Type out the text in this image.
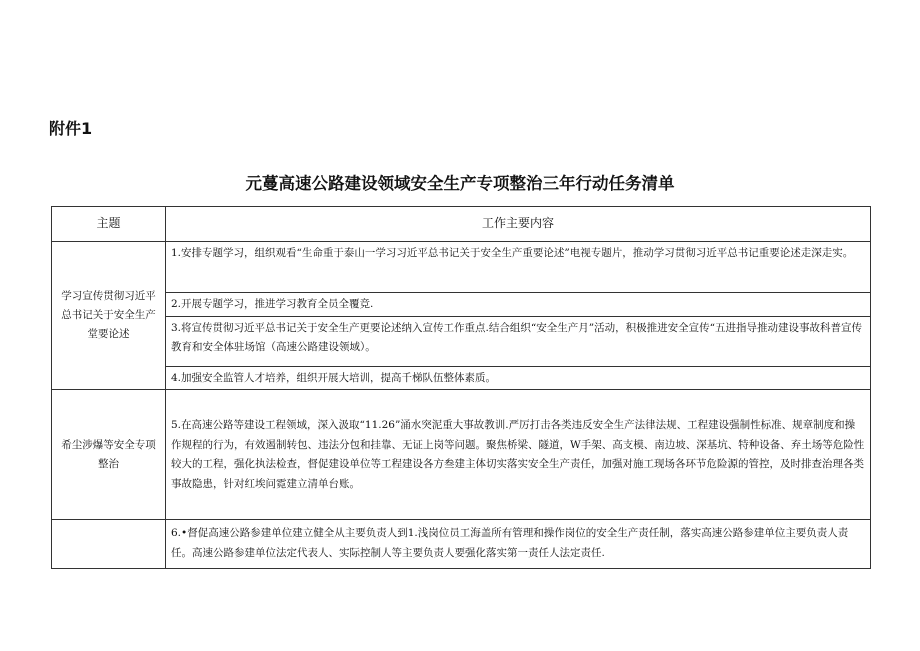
附件1
元蔓高速公路建设领域安全生产专项整治三年行动任务清单
主题	工作主要内容
学习宣传贯彻习近平总书记关于安全生产堂要论述	1.安排专题学习，组织观看“生命重于泰山一学习习近平总书记关于安全生产重要论述”电视专题片，推动学习贯彻习近平总书记重要论述走深走实。
	2.开展专题学习，推进学习教育全员全覆竞.
	3.将宣传贯彻习近平总书记关于安全生产更要论述纳入宣传工作重点.结合组织“安全生产月”活动，积极推进安全宣传“五进指导推动建设事故科普宣传教育和安全体驻场馆（高速公路建设领域）。
	4.加强安全监管人才培养，组织开展大培训，提高千梯队伍整体素质。
希尘涉爆等安全专项整治	5.在高速公路等建设工程领域，深入汲取“11.26”涌水突泥重大事故教训.严厉打击各类违反安全生产法律法规、工程建设强制性标准、规章制度和操作规程的行为，有效遏制转包、违法分包和挂靠、无证上岗等问题。聚焦桥梁、隧道，W手架、高支模、南边坡、深基坑、特种设备、弃土场等危险性较大的工程，强化执法检查，督促建设单位等工程建设各方叁建主体切实落实安全生产责任，加强对施工现场各环节危险源的管控，及时排查治理各类事故隐患，针对红埃问霓建立清单台账。
	6.•督促高速公路参建单位建立健全从主要负责人到1.浅岗位员工海盖所有管理和操作岗位的安全生产责任制，落实高速公路参建单位主要负责人责任。高速公路参建单位法定代表人、实际控制人等主要负责人要强化落实第一责任人法定责任.
